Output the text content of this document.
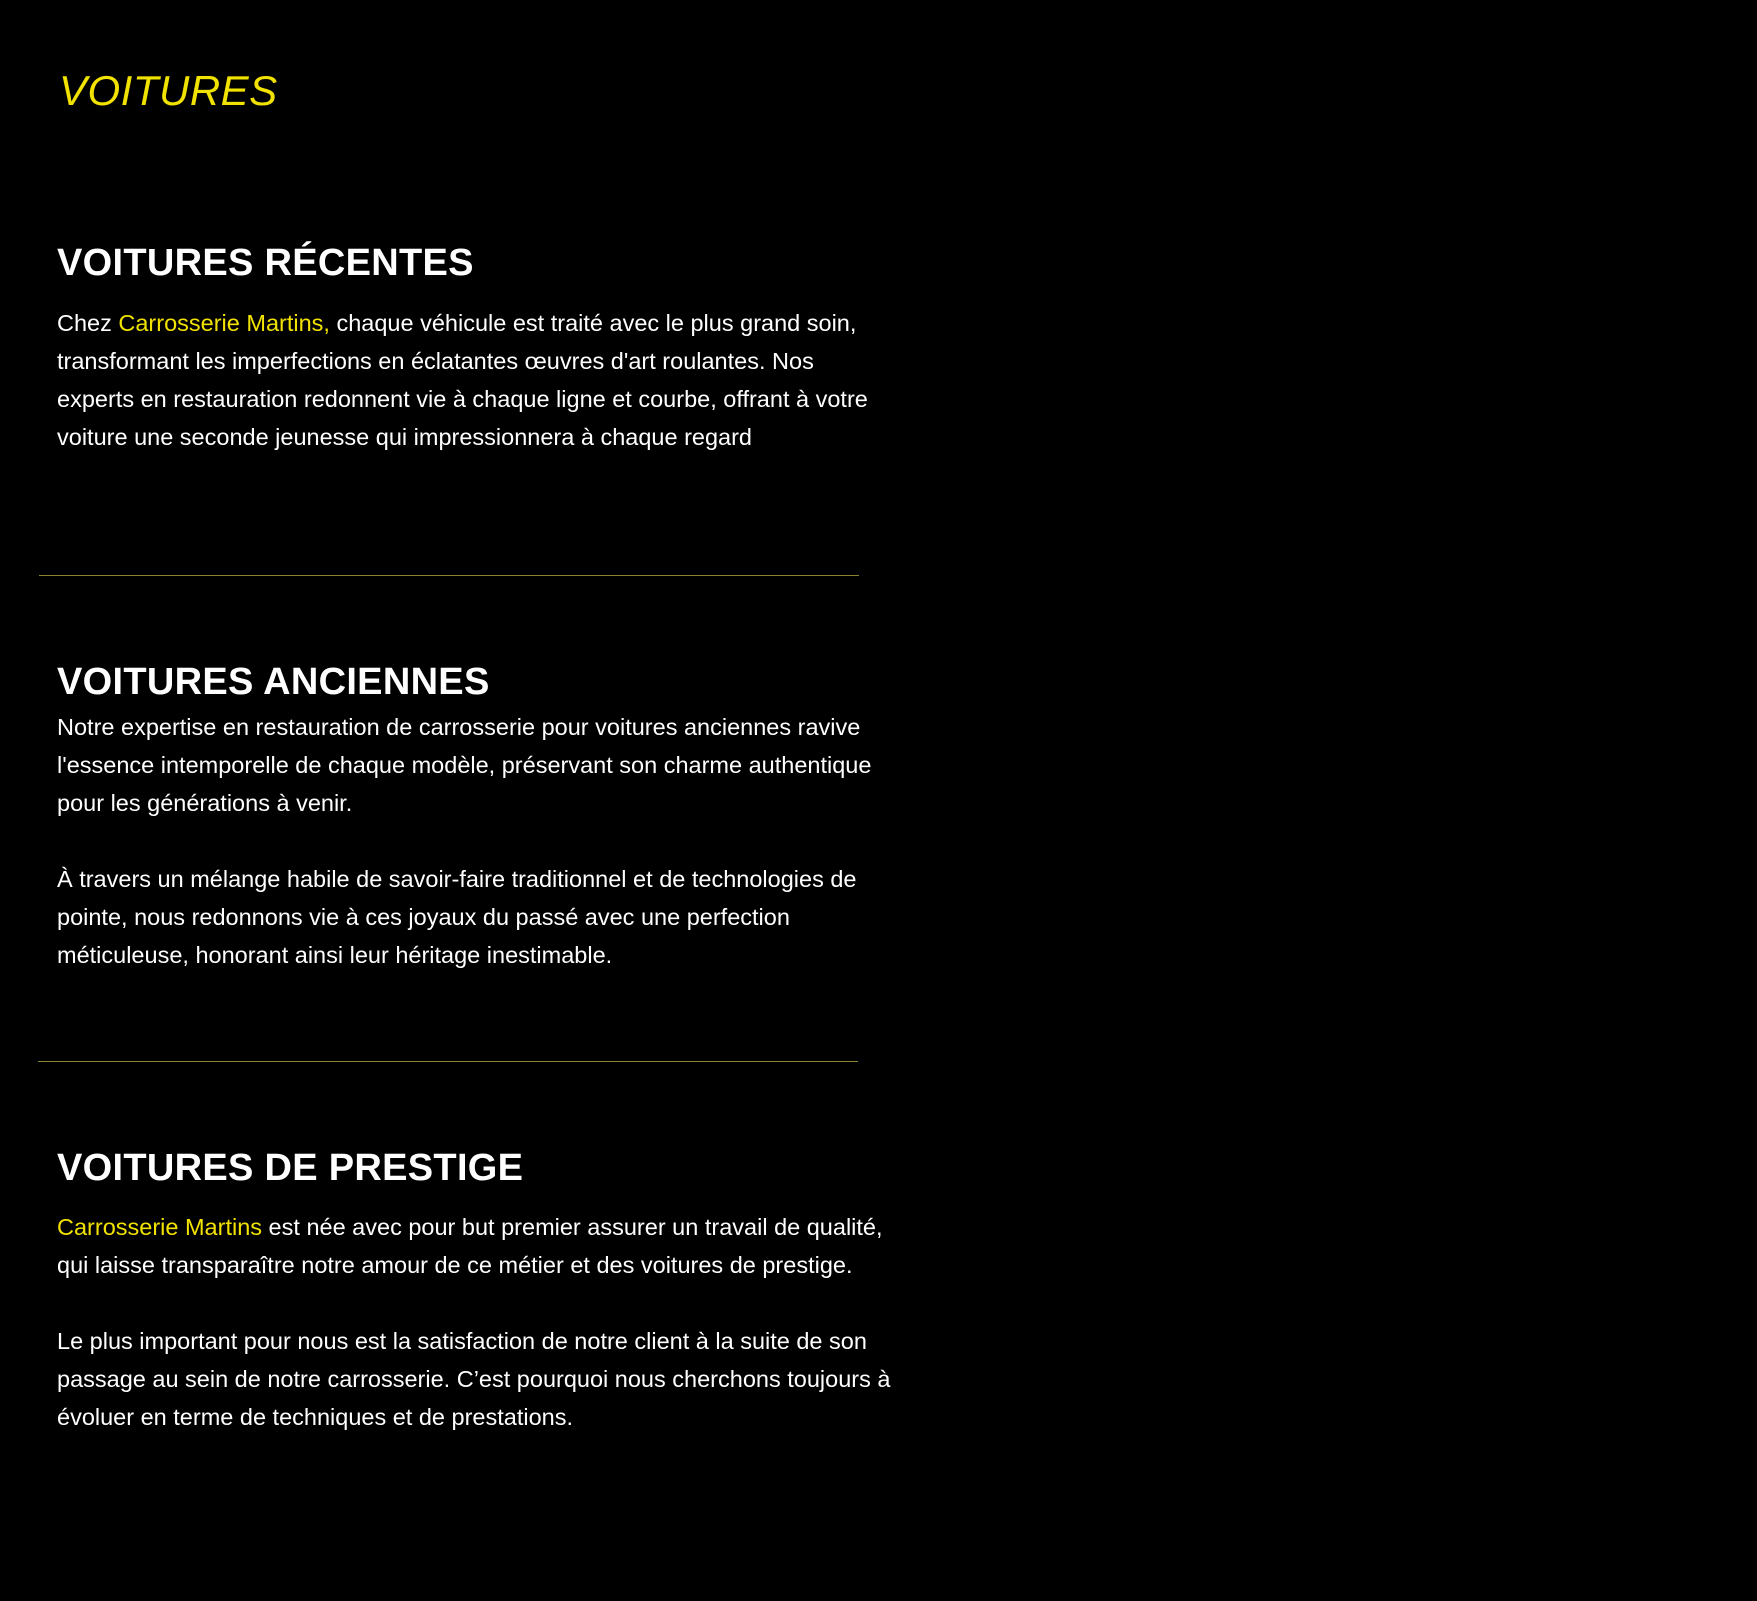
VOITURES
VOITURES RÉCENTES

Chez Carrosserie Martins, chaque véhicule est traité avec le plus grand soin, transformant les imperfections en éclatantes œuvres d'art roulantes. Nos experts en restauration redonnent vie à chaque ligne et courbe, offrant à votre voiture une seconde jeunesse qui impressionnera à chaque regard

VOITURES ANCIENNES

Notre expertise en restauration de carrosserie pour voitures anciennes ravive l'essence intemporelle de chaque modèle, préservant son charme authentique pour les générations à venir.

À travers un mélange habile de savoir-faire traditionnel et de technologies de pointe, nous redonnons vie à ces joyaux du passé avec une perfection méticuleuse, honorant ainsi leur héritage inestimable.

VOITURES DE PRESTIGE

Carrosserie Martins est née avec pour but premier assurer un travail de qualité, qui laisse transparaître notre amour de ce métier et des voitures de prestige.

Le plus important pour nous est la satisfaction de notre client à la suite de son passage au sein de notre carrosserie. C’est pourquoi nous cherchons toujours à évoluer en terme de techniques et de prestations.
